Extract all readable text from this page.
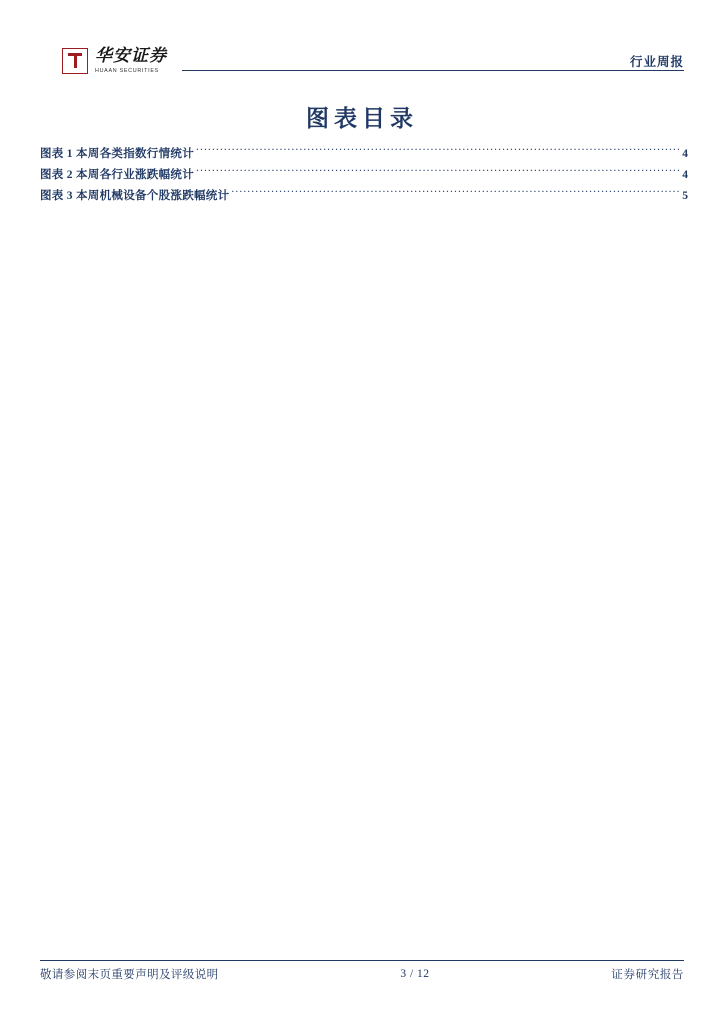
华安证券
HUAAN SECURITIES
行业周报
图表目录
图表 1 本周各类指数行情统计 .....	4
图表 2 本周各行业涨跌幅统计 .....	4
图表 3 本周机械设备个股涨跌幅统计 .....	5
敬请参阅末页重要声明及评级说明	3 / 12	证券研究报告
